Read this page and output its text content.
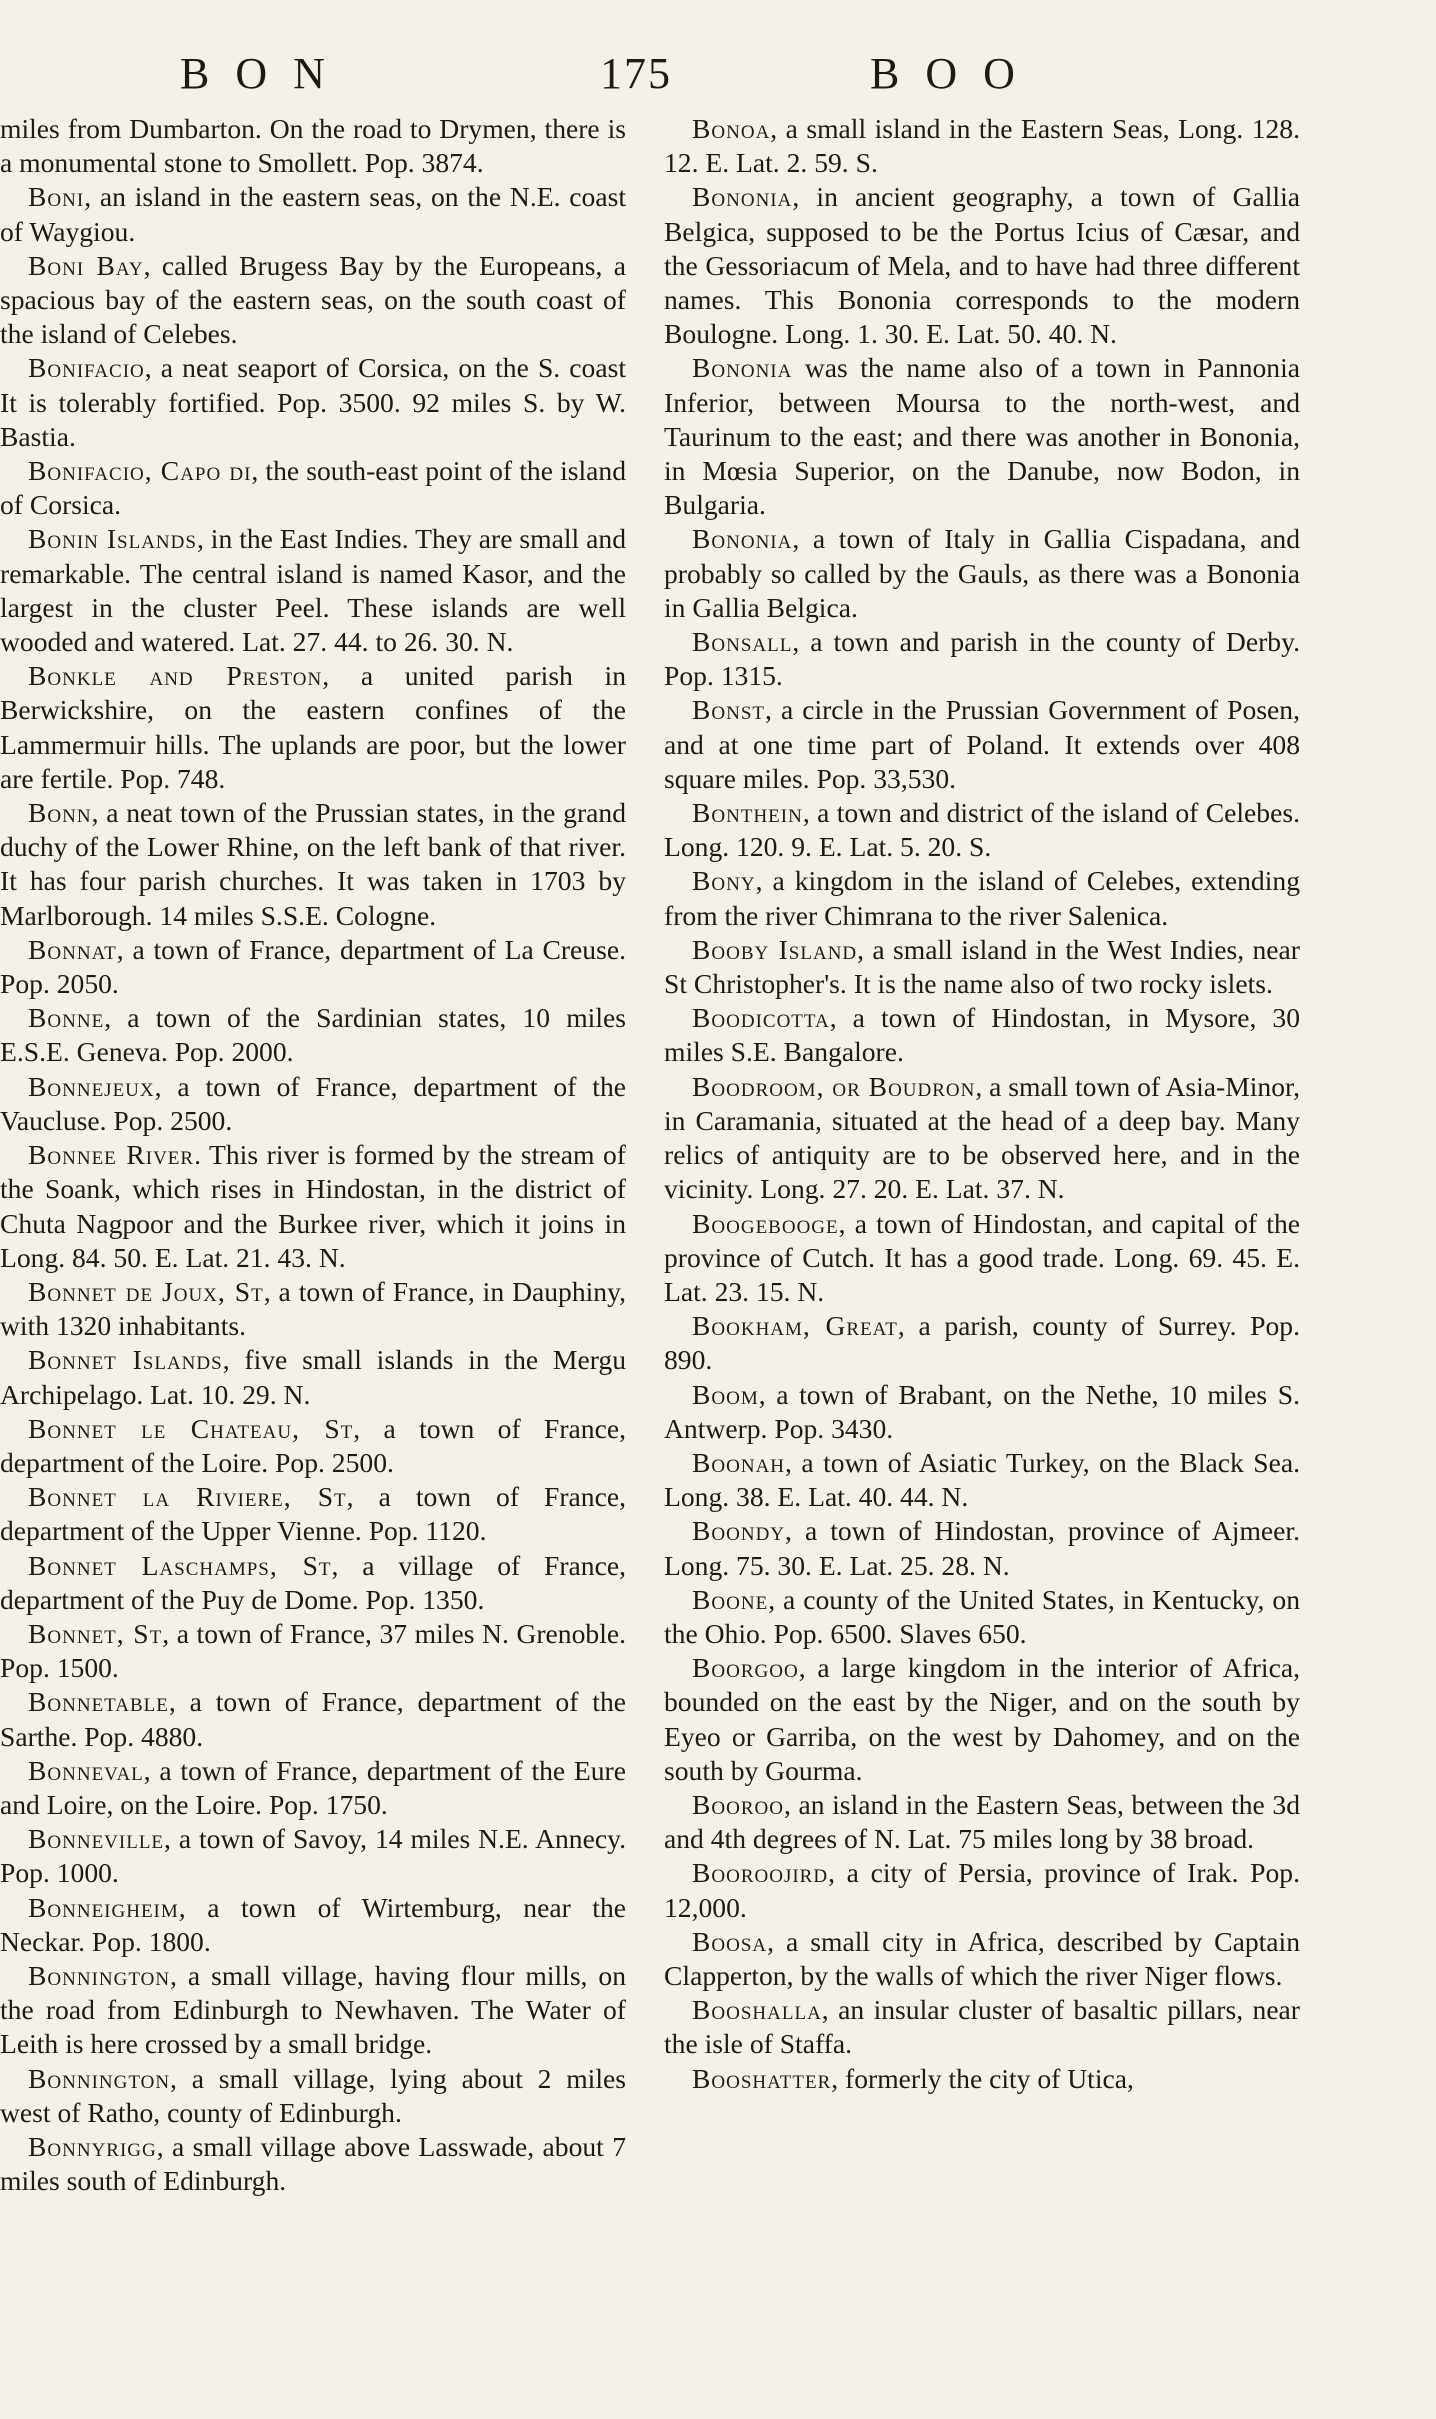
BON	175	BOO

miles from Dumbarton. On the road to Drymen, there is a monumental stone to Smollett. Pop. 3874.

Boni, an island in the eastern seas, on the N.E. coast of Waygiou.

Boni Bay, called Brugess Bay by the Europeans, a spacious bay of the eastern seas, on the south coast of the island of Celebes.

Bonifacio, a neat seaport of Corsica, on the S. coast It is tolerably fortified. Pop. 3500. 92 miles S. by W. Bastia.

Bonifacio, Capo di, the south-east point of the island of Corsica.

Bonin Islands, in the East Indies. They are small and remarkable. The central island is named Kasor, and the largest in the cluster Peel. These islands are well wooded and watered. Lat. 27. 44. to 26. 30. N.

Bonkle and Preston, a united parish in Berwickshire, on the eastern confines of the Lammermuir hills. The uplands are poor, but the lower are fertile. Pop. 748.

Bonn, a neat town of the Prussian states, in the grand duchy of the Lower Rhine, on the left bank of that river. It has four parish churches. It was taken in 1703 by Marlborough. 14 miles S.S.E. Cologne.

Bonnat, a town of France, department of La Creuse. Pop. 2050.

Bonne, a town of the Sardinian states, 10 miles E.S.E. Geneva. Pop. 2000.

Bonnejeux, a town of France, department of the Vaucluse. Pop. 2500.

Bonnee River. This river is formed by the stream of the Soank, which rises in Hindostan, in the district of Chuta Nagpoor and the Burkee river, which it joins in Long. 84. 50. E. Lat. 21. 43. N.

Bonnet de Joux, St, a town of France, in Dauphiny, with 1320 inhabitants.

Bonnet Islands, five small islands in the Mergu Archipelago. Lat. 10. 29. N.

Bonnet le Chateau, St, a town of France, department of the Loire. Pop. 2500.

Bonnet la Riviere, St, a town of France, department of the Upper Vienne. Pop. 1120.

Bonnet Laschamps, St, a village of France, department of the Puy de Dome. Pop. 1350.

Bonnet, St, a town of France, 37 miles N. Grenoble. Pop. 1500.

Bonnetable, a town of France, department of the Sarthe. Pop. 4880.

Bonneval, a town of France, department of the Eure and Loire, on the Loire. Pop. 1750.

Bonneville, a town of Savoy, 14 miles N.E. Annecy. Pop. 1000.

Bonneigheim, a town of Wirtemburg, near the Neckar. Pop. 1800.

Bonnington, a small village, having flour mills, on the road from Edinburgh to Newhaven. The Water of Leith is here crossed by a small bridge.

Bonnington, a small village, lying about 2 miles west of Ratho, county of Edinburgh.

Bonnyrigg, a small village above Lasswade, about 7 miles south of Edinburgh.

Bonoa, a small island in the Eastern Seas, Long. 128. 12. E. Lat. 2. 59. S.

Bononia, in ancient geography, a town of Gallia Belgica, supposed to be the Portus Icius of Cæsar, and the Gessoriacum of Mela, and to have had three different names. This Bononia corresponds to the modern Boulogne. Long. 1. 30. E. Lat. 50. 40. N.

Bononia was the name also of a town in Pannonia Inferior, between Moursa to the north-west, and Taurinum to the east; and there was another in Bononia, in Mœsia Superior, on the Danube, now Bodon, in Bulgaria.

Bononia, a town of Italy in Gallia Cispadana, and probably so called by the Gauls, as there was a Bononia in Gallia Belgica.

Bonsall, a town and parish in the county of Derby. Pop. 1315.

Bonst, a circle in the Prussian Government of Posen, and at one time part of Poland. It extends over 408 square miles. Pop. 33,530.

Bonthein, a town and district of the island of Celebes. Long. 120. 9. E. Lat. 5. 20. S.

Bony, a kingdom in the island of Celebes, extending from the river Chimrana to the river Salenica.

Booby Island, a small island in the West Indies, near St Christopher's. It is the name also of two rocky islets.

Boodicotta, a town of Hindostan, in Mysore, 30 miles S.E. Bangalore.

Boodroom, or Boudron, a small town of Asia-Minor, in Caramania, situated at the head of a deep bay. Many relics of antiquity are to be observed here, and in the vicinity. Long. 27. 20. E. Lat. 37. N.

Boogebooge, a town of Hindostan, and capital of the province of Cutch. It has a good trade. Long. 69. 45. E. Lat. 23. 15. N.

Bookham, Great, a parish, county of Surrey. Pop. 890.

Boom, a town of Brabant, on the Nethe, 10 miles S. Antwerp. Pop. 3430.

Boonah, a town of Asiatic Turkey, on the Black Sea. Long. 38. E. Lat. 40. 44. N.

Boondy, a town of Hindostan, province of Ajmeer. Long. 75. 30. E. Lat. 25. 28. N.

Boone, a county of the United States, in Kentucky, on the Ohio. Pop. 6500. Slaves 650.

Boorgoo, a large kingdom in the interior of Africa, bounded on the east by the Niger, and on the south by Eyeo or Garriba, on the west by Dahomey, and on the south by Gourma.

Booroo, an island in the Eastern Seas, between the 3d and 4th degrees of N. Lat. 75 miles long by 38 broad.

Booroojird, a city of Persia, province of Irak. Pop. 12,000.

Boosa, a small city in Africa, described by Captain Clapperton, by the walls of which the river Niger flows.

Booshalla, an insular cluster of basaltic pillars, near the isle of Staffa.

Booshatter, formerly the city of Utica,
